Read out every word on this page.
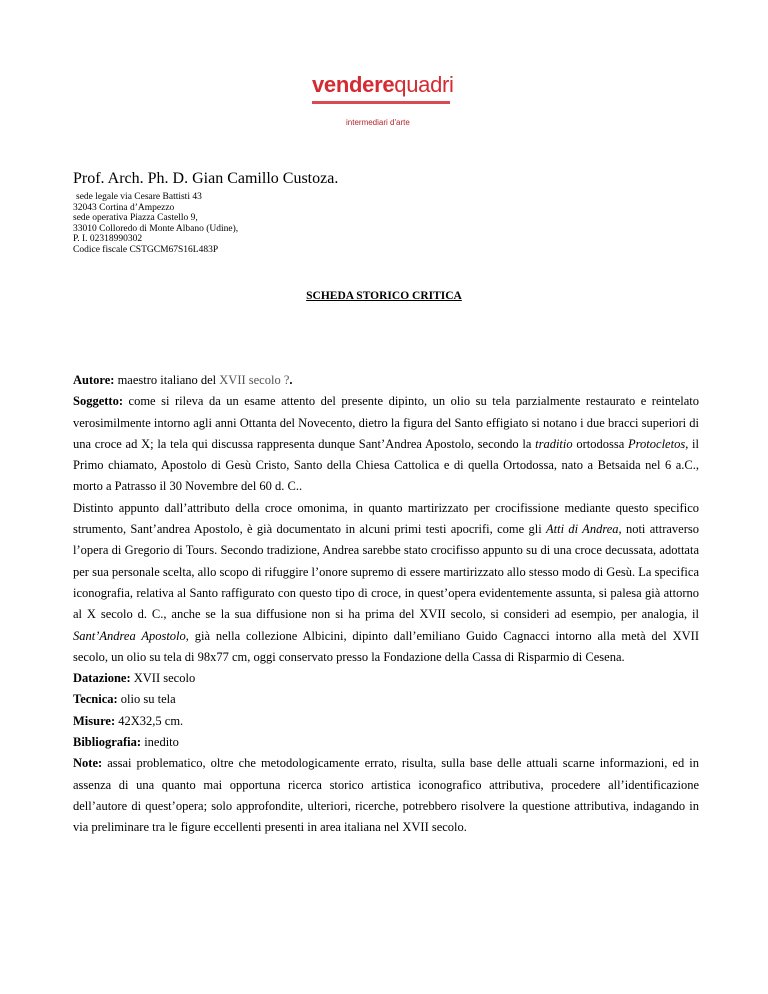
venderequadri
intermediari d'arte

Prof. Arch. Ph. D. Gian Camillo Custoza.

sede legale via Cesare Battisti 43
32043 Cortina d’Ampezzo
sede operativa Piazza Castello 9,
33010 Colloredo di Monte Albano (Udine),
P. I. 02318990302
Codice fiscale CSTGCM67S16L483P
SCHEDA STORICO CRITICA

Autore: maestro italiano del XVII secolo ?.

Soggetto: come si rileva da un esame attento del presente dipinto, un olio su tela parzialmente restaurato e reintelato verosimilmente intorno agli anni Ottanta del Novecento, dietro la figura del Santo effigiato si notano i due bracci superiori di una croce ad X; la tela qui discussa rappresenta dunque Sant’Andrea Apostolo, secondo la traditio ortodossa Protocletos, il Primo chiamato, Apostolo di Gesù Cristo, Santo della Chiesa Cattolica e di quella Ortodossa, nato a Betsaida nel 6 a.C., morto a Patrasso il 30 Novembre del 60 d. C..

Distinto appunto dall’attributo della croce omonima, in quanto martirizzato per crocifissione mediante questo specifico strumento, Sant’andrea Apostolo, è già documentato in alcuni primi testi apocrifi, come gli Atti di Andrea, noti attraverso l’opera di Gregorio di Tours. Secondo tradizione, Andrea sarebbe stato crocifisso appunto su di una croce decussata, adottata per sua personale scelta, allo scopo di rifuggire l’onore supremo di essere martirizzato allo stesso modo di Gesù. La specifica iconografia, relativa al Santo raffigurato con questo tipo di croce, in quest’opera evidentemente assunta, si palesa già attorno al X secolo d. C., anche se la sua diffusione non si ha prima del XVII secolo, si consideri ad esempio, per analogia, il Sant’Andrea Apostolo, già nella collezione Albicini, dipinto dall’emiliano Guido Cagnacci intorno alla metà del XVII secolo, un olio su tela di 98x77 cm, oggi conservato presso la Fondazione della Cassa di Risparmio di Cesena.

Datazione: XVII secolo

Tecnica: olio su tela

Misure: 42X32,5 cm.

Bibliografia: inedito

Note: assai problematico, oltre che metodologicamente errato, risulta, sulla base delle attuali scarne informazioni, ed in assenza di una quanto mai opportuna ricerca storico artistica iconografico attributiva, procedere all’identificazione dell’autore di quest’opera; solo approfondite, ulteriori, ricerche, potrebbero risolvere la questione attributiva, indagando in via preliminare tra le figure eccellenti presenti in area italiana nel XVII secolo.
